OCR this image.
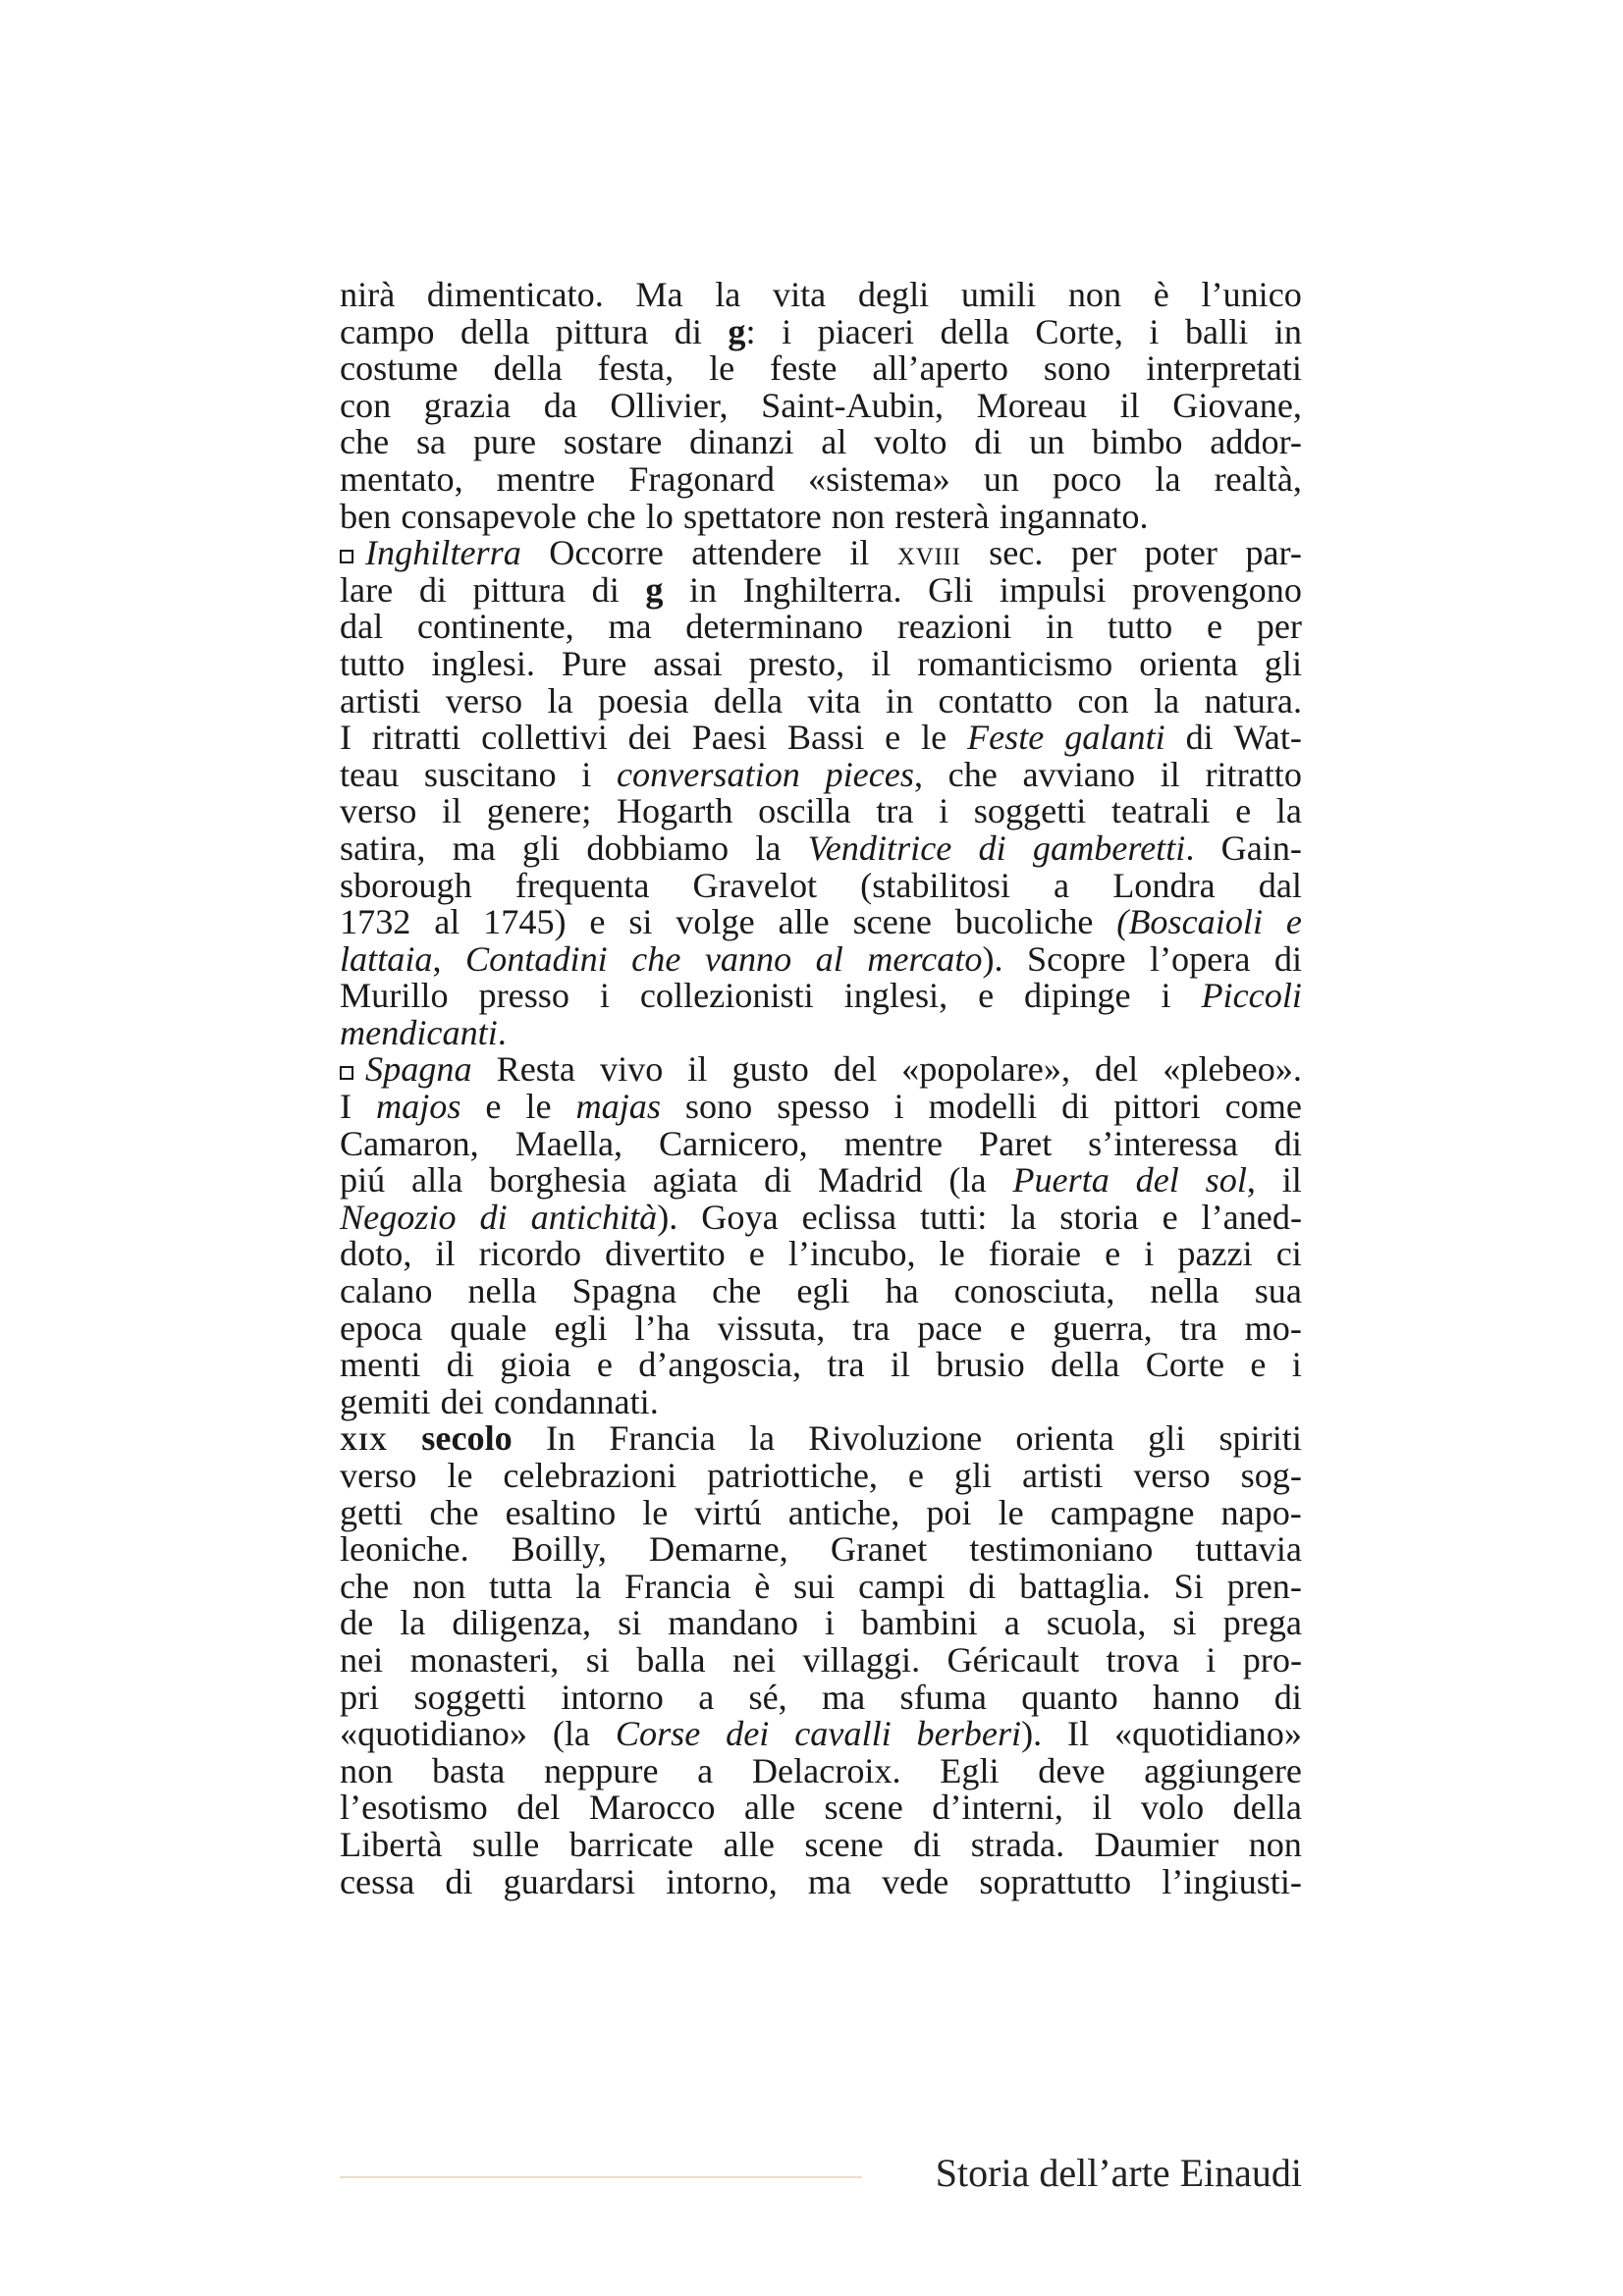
nirà dimenticato. Ma la vita degli umili non è l’unico
campo della pittura di g: i piaceri della Corte, i balli in
costume della festa, le feste all’aperto sono interpretati
con grazia da Ollivier, Saint-Aubin, Moreau il Giovane,
che sa pure sostare dinanzi al volto di un bimbo addor-
mentato, mentre Fragonard «sistema» un poco la realtà,
ben consapevole che lo spettatore non resterà ingannato.
Inghilterra Occorre attendere il xviii sec. per poter par-
lare di pittura di g in Inghilterra. Gli impulsi provengono
dal continente, ma determinano reazioni in tutto e per
tutto inglesi. Pure assai presto, il romanticismo orienta gli
artisti verso la poesia della vita in contatto con la natura.
I ritratti collettivi dei Paesi Bassi e le Feste galanti di Wat-
teau suscitano i conversation pieces, che avviano il ritratto
verso il genere; Hogarth oscilla tra i soggetti teatrali e la
satira, ma gli dobbiamo la Venditrice di gamberetti. Gain-
sborough frequenta Gravelot (stabilitosi a Londra dal
1732 al 1745) e si volge alle scene bucoliche (Boscaioli e
lattaia, Contadini che vanno al mercato). Scopre l’opera di
Murillo presso i collezionisti inglesi, e dipinge i Piccoli
mendicanti.
Spagna Resta vivo il gusto del «popolare», del «plebeo».
I majos e le majas sono spesso i modelli di pittori come
Camaron, Maella, Carnicero, mentre Paret s’interessa di
piú alla borghesia agiata di Madrid (la Puerta del sol, il
Negozio di antichità). Goya eclissa tutti: la storia e l’aned-
doto, il ricordo divertito e l’incubo, le fioraie e i pazzi ci
calano nella Spagna che egli ha conosciuta, nella sua
epoca quale egli l’ha vissuta, tra pace e guerra, tra mo-
menti di gioia e d’angoscia, tra il brusio della Corte e i
gemiti dei condannati.
xix secolo In Francia la Rivoluzione orienta gli spiriti
verso le celebrazioni patriottiche, e gli artisti verso sog-
getti che esaltino le virtú antiche, poi le campagne napo-
leoniche. Boilly, Demarne, Granet testimoniano tuttavia
che non tutta la Francia è sui campi di battaglia. Si pren-
de la diligenza, si mandano i bambini a scuola, si prega
nei monasteri, si balla nei villaggi. Géricault trova i pro-
pri soggetti intorno a sé, ma sfuma quanto hanno di
«quotidiano» (la Corse dei cavalli berberi). Il «quotidiano»
non basta neppure a Delacroix. Egli deve aggiungere
l’esotismo del Marocco alle scene d’interni, il volo della
Libertà sulle barricate alle scene di strada. Daumier non
cessa di guardarsi intorno, ma vede soprattutto l’ingiusti-
Storia dell’arte Einaudi
